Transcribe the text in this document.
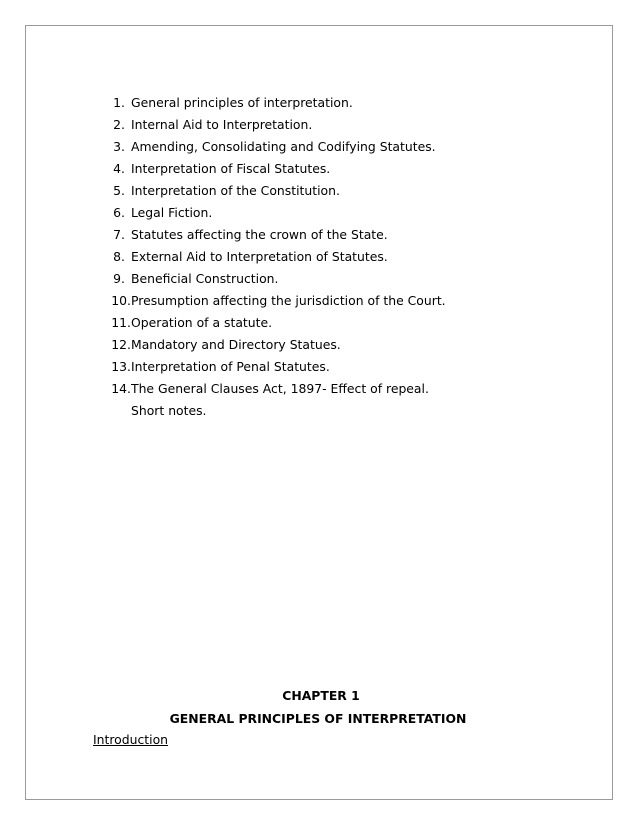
1. General principles of interpretation.
2. Internal Aid to Interpretation.
3. Amending, Consolidating and Codifying Statutes.
4. Interpretation of Fiscal Statutes.
5. Interpretation of the Constitution.
6. Legal Fiction.
7. Statutes affecting the crown of the State.
8. External Aid to Interpretation of Statutes.
9. Beneficial Construction.
10. Presumption affecting the jurisdiction of the Court.
11. Operation of a statute.
12. Mandatory and Directory Statues.
13. Interpretation of Penal Statutes.
14. The General Clauses Act, 1897- Effect of repeal.
Short notes.
CHAPTER 1
GENERAL PRINCIPLES OF INTERPRETATION
Introduction
